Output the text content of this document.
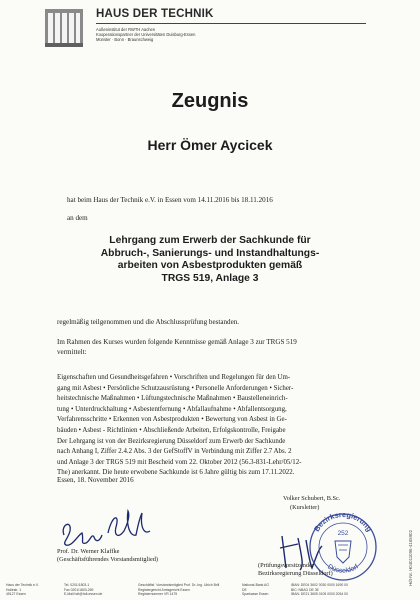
HAUS DER TECHNIK
Außeninstitut der RWTH Aachen
Kooperationspartner der Universitäten Duisburg-Essen
Münster · Bonn · Braunschweig
Zeugnis
Herr Ömer Aycicek
hat beim Haus der Technik e.V. in Essen vom 14.11.2016 bis 18.11.2016
an dem
Lehrgang zum Erwerb der Sachkunde für
Abbruch-, Sanierungs- und Instandhaltungs-
arbeiten von Asbestprodukten gemäß
TRGS 519, Anlage 3
regelmäßig teilgenommen und die Abschlussprüfung bestanden.
Im Rahmen des Kurses wurden folgende Kenntnisse gemäß Anlage 3 zur TRGS 519
vermittelt:
Eigenschaften und Gesundheitsgefahren • Vorschriften und Regelungen für den Um-
gang mit Asbest • Persönliche Schutzausrüstung • Personelle Anforderungen • Sicher-
heitstechnische Maßnahmen • Lüftungstechnische Maßnahmen • Baustelleneinrich-
tung • Unterdruckhaltung • Asbestentfernung • Abfallaufnahme • Abfallentsorgung,
Verfahrensschritte • Erkennen von Asbestprodukten • Bewertung von Asbest in Ge-
bäuden • Asbest - Richtlinien • Abschließende Arbeiten, Erfolgskontrolle, Freigabe
Der Lehrgang ist von der Bezirksregierung Düsseldorf zum Erwerb der Sachkunde
nach Anhang I, Ziffer 2.4.2 Abs. 3 der GefStoffV in Verbindung mit Ziffer 2.7 Abs. 2
und Anlage 3 der TRGS 519 mit Bescheid vom 22. Oktober 2012 (56.3-831-Lehr/05/12-
The) anerkannt. Die heute erwobene Sachkunde ist 6 Jahre gültig bis zum 17.11.2022.
Essen, 18. November 2016
Bezirksregierung
252
Düsseldorf
Prof. Dr. Werner Klaffke
(Geschäftsführendes Vorstandsmitglied)
Volker Schubert, B.Sc.
(Kursleiter)
(Prüfungsvorsitzender
Bezirksregierung Düsseldorf)
Haus der Technik e.V.
Hollestr. 1
45127 Essen
Tel. 0201/1803-1
Fax 0201/1803-269
E-Mail hdt@hdt-essen.de
Geschäftsf. Vorstandsmitglied Prof. Dr.-Ing. Ulrich Brill
Registergericht Amtsgericht Essen
Registernummer VR 1475
National-Bank AG
DE
Sparkasse Essen
IBAN: DE04 3602 0030 0000 1690 00
BIC: NBAG DE 3E
IBAN: DE21 3605 0105 0000 2054 00
Hdt-Nr. H04011096-4165902
